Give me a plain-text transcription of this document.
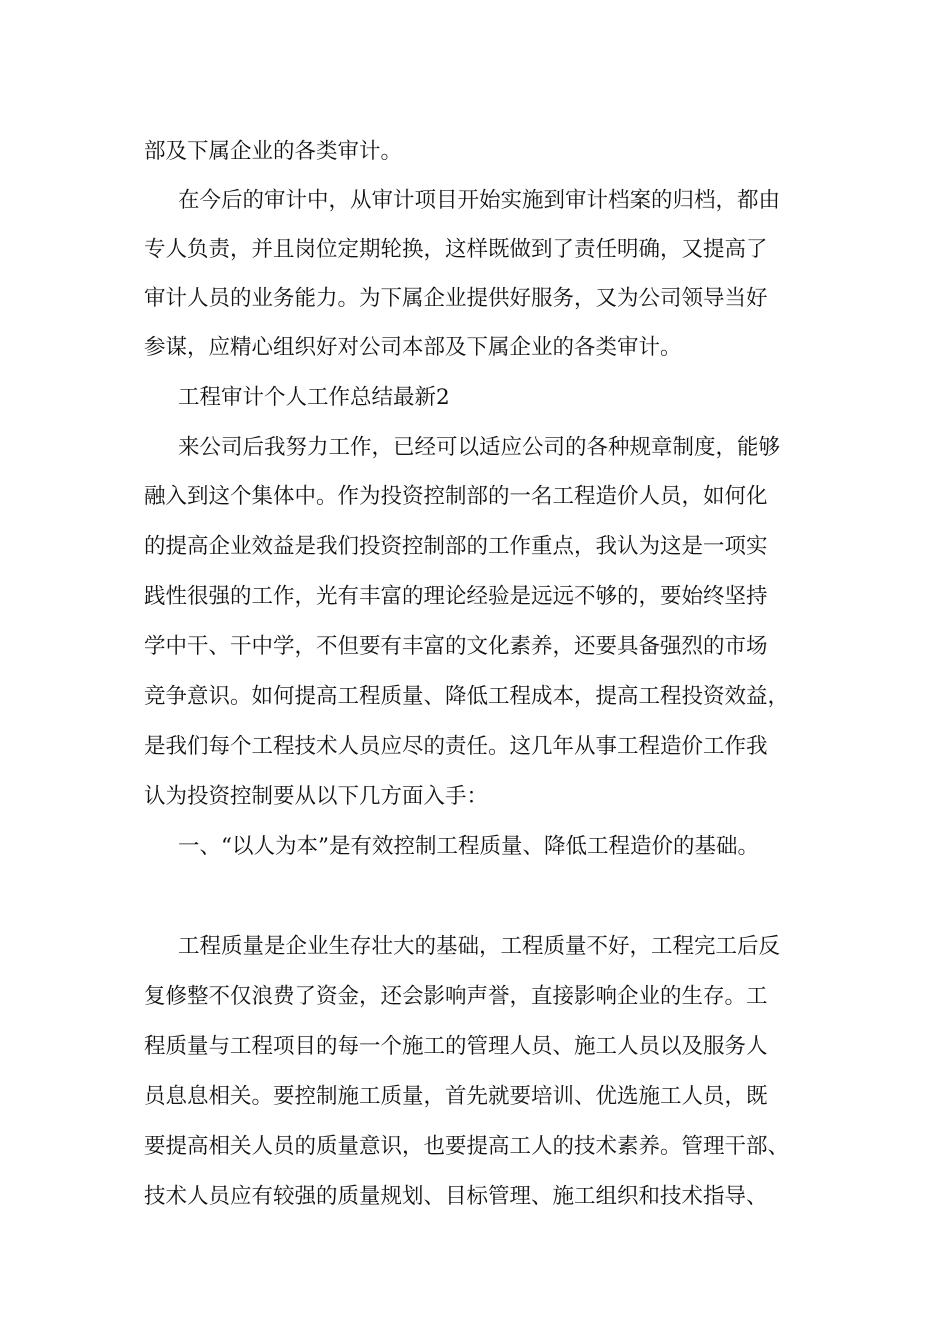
部及下属企业的各类审计。
在今后的审计中，从审计项目开始实施到审计档案的归档，都由
专人负责，并且岗位定期轮换，这样既做到了责任明确，又提高了
审计人员的业务能力。为下属企业提供好服务，又为公司领导当好
参谋，应精心组织好对公司本部及下属企业的各类审计。
工程审计个人工作总结最新2
来公司后我努力工作，已经可以适应公司的各种规章制度，能够
融入到这个集体中。作为投资控制部的一名工程造价人员，如何化
的提高企业效益是我们投资控制部的工作重点，我认为这是一项实
践性很强的工作，光有丰富的理论经验是远远不够的，要始终坚持
学中干、干中学，不但要有丰富的文化素养，还要具备强烈的市场
竞争意识。如何提高工程质量、降低工程成本，提高工程投资效益，
是我们每个工程技术人员应尽的责任。这几年从事工程造价工作我
认为投资控制要从以下几方面入手：
一、“以人为本”是有效控制工程质量、降低工程造价的基础。
工程质量是企业生存壮大的基础，工程质量不好，工程完工后反
复修整不仅浪费了资金，还会影响声誉，直接影响企业的生存。工
程质量与工程项目的每一个施工的管理人员、施工人员以及服务人
员息息相关。要控制施工质量，首先就要培训、优选施工人员，既
要提高相关人员的质量意识，也要提高工人的技术素养。管理干部、
技术人员应有较强的质量规划、目标管理、施工组织和技术指导、
